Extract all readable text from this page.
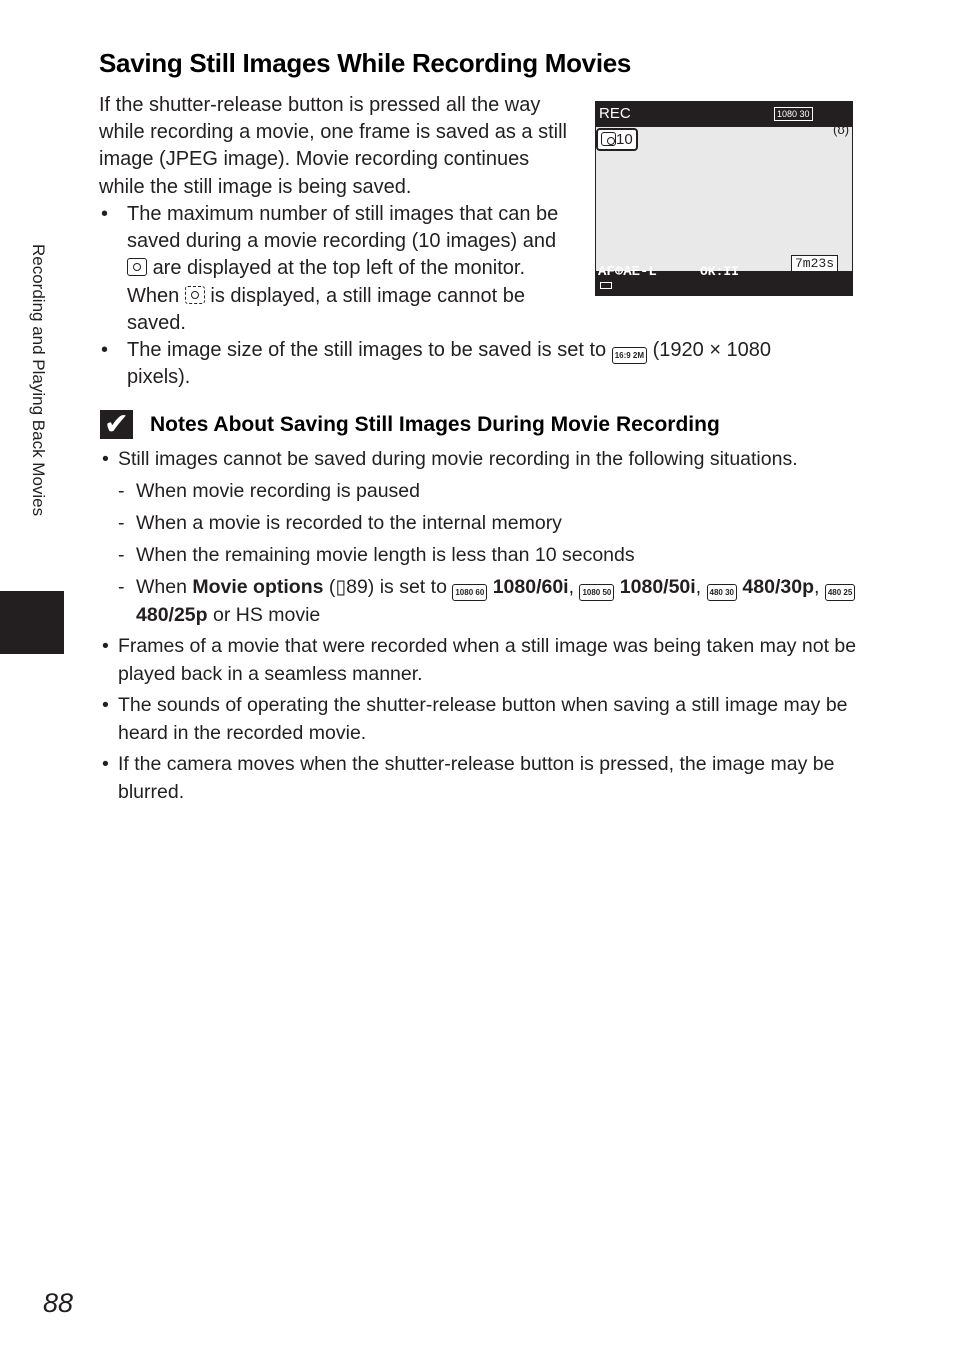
Recording and Playing Back Movies
Saving Still Images While Recording Movies

If the shutter-release button is pressed all the way while recording a movie, one frame is saved as a still image (JPEG image). Movie recording continues while the still image is being saved.

• The maximum number of still images that can be saved during a movie recording (10 images) and  are displayed at the top left of the monitor. When is displayed, a still image cannot be saved.
• The image size of the still images to be saved is set to 16:9 2M (1920 × 1080 pixels).
REC	1080 30
10
(ʊ)
7m23s
AF⊕AE-L	OK:II
✔ Notes About Saving Still Images During Movie Recording
• Still images cannot be saved during movie recording in the following situations.
- When movie recording is paused
- When a movie is recorded to the internal memory
- When the remaining movie length is less than 10 seconds
- When Movie options (▯89) is set to 1080 60 1080/60i, 1080 50 1080/50i, 480 30 480/30p, 480 25 480/25p or HS movie
• Frames of a movie that were recorded when a still image was being taken may not be played back in a seamless manner.
• The sounds of operating the shutter-release button when saving a still image may be heard in the recorded movie.
• If the camera moves when the shutter-release button is pressed, the image may be blurred.

88
